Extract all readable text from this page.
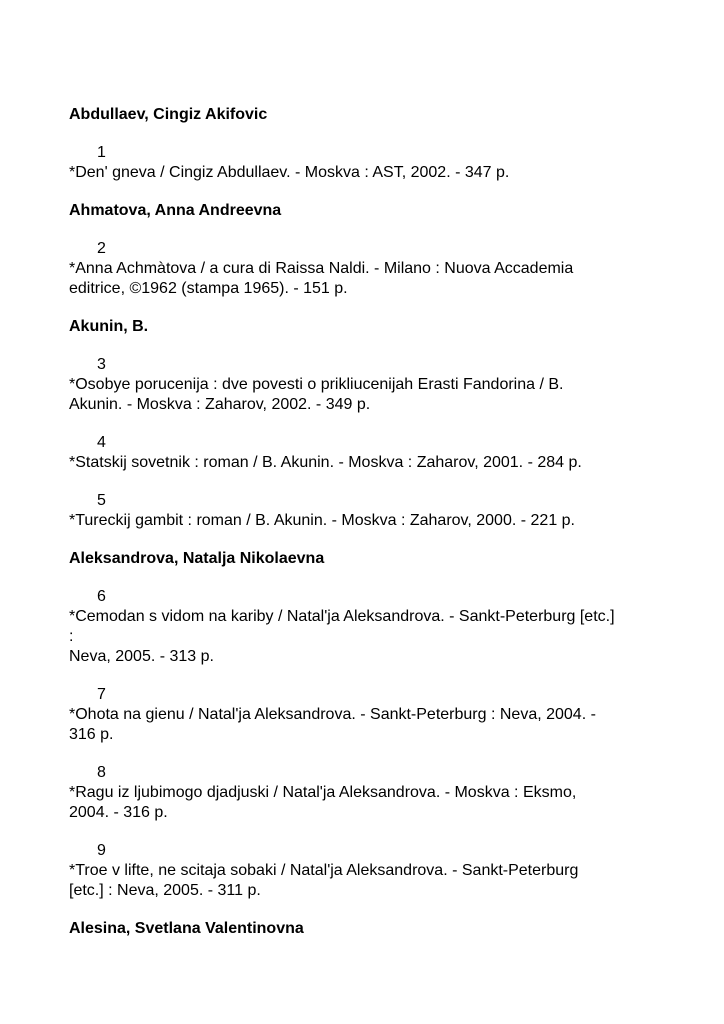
Abdullaev, Cingiz Akifovic

1
*Den' gneva / Cingiz Abdullaev. - Moskva : AST, 2002. - 347 p.

Ahmatova, Anna Andreevna

2
*Anna Achmàtova / a cura di Raissa Naldi. - Milano : Nuova Accademia
editrice, ©1962 (stampa 1965). - 151 p.

Akunin, B.

3
*Osobye porucenija : dve povesti o prikliucenijah Erasti Fandorina / B.
Akunin. - Moskva : Zaharov, 2002. - 349 p.
4
*Statskij sovetnik : roman / B. Akunin. - Moskva : Zaharov, 2001. - 284 p.
5
*Tureckij gambit : roman / B. Akunin. - Moskva : Zaharov, 2000. - 221 p.

Aleksandrova, Natalja Nikolaevna

6
*Cemodan s vidom na kariby / Natal'ja Aleksandrova. - Sankt-Peterburg [etc.]
:
Neva, 2005. - 313 p.
7
*Ohota na gienu / Natal'ja Aleksandrova. - Sankt-Peterburg : Neva, 2004. -
316 p.
8
*Ragu iz ljubimogo djadjuski / Natal'ja Aleksandrova. - Moskva : Eksmo,
2004. - 316 p.
9
*Troe v lifte, ne scitaja sobaki / Natal'ja Aleksandrova. - Sankt-Peterburg
[etc.] : Neva, 2005. - 311 p.

Alesina, Svetlana Valentinovna
